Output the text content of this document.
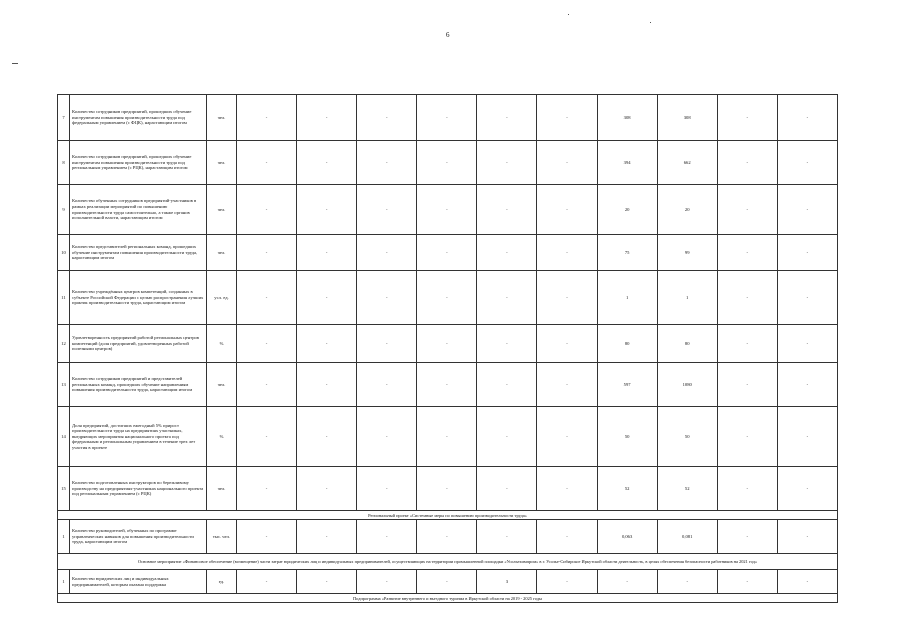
6
7	Количество сотрудников предприятий, прошедших обучение инструментам повышения производительности труда под федеральным управлением (с ФЦК), нарастающим итогом	чел.	-	-	-	-	-	-	308	308	-	-
8	Количество сотрудников предприятий, прошедших обучение инструментам повышения производительности труда под региональным управлением (с РЦК), нарастающим итогом	чел.	-	-	-	-	-	-	394	662	-	-
9	Количество обученных сотрудников предприятий-участников в рамках реализации мероприятий по повышению производительности труда самостоятельно, а также органов исполнительной власти, нарастающим итогом	чел.	-	-	-	-	-	-	20	20	-	-
10	Количество представителей региональных команд, прошедших обучение инструментам повышения производительности труда, нарастающим итогом	чел.	-	-	-	-	-	-	75	99	-	-
11	Количество учреждённых центров компетенций, созданных в субъекте Российской Федерации с целью распространения лучших практик производительности труда, нарастающим итогом	усл. ед.	-	-	-	-	-	-	1	1	-	-
12	Удовлетворенность предприятий работой региональных центров компетенций (доля предприятий, удовлетворенных работой полезными центров)	%	-	-	-	-	-	-	80	80	-	-
13	Количество сотрудников предприятий и представителей региональных команд, прошедших обучение направлениям повышения производительности труда, нарастающим итогом	чел.	-	-	-	-	-	-	597	1080	-	-
14	Доля предприятий, достигших ежегодный 5% прирост производительности труда на предприятиях участниках, внедряющих мероприятия национального проекта под федеральным и региональным управлением в течение трех лет участия в проекте	%	-	-	-	-	-	-	50	50	-	-
15	Количество подготовленных инструкторов по бережливому производству на предприятиях-участниках национального проекта под региональным управлением (с РЦК)	чел.	-	-	-	-	-	-	52	52	-	-
Региональный проект «Системные меры по повышению производительности труда»												
1	Количество руководителей, обученных по программе управленческих навыков для повышения производительности труда, нарастающим итогом	тыс. чел.	-	-	-	-	-	-	0,063	0,081	-	-
Основное мероприятие «Финансовое обеспечение (возмещение) части затрат юридических лиц и индивидуальных предпринимателей, осуществляющих на территории промышленной площадки «Усольехимпром» в г. Усолье-Сибирское Иркутской области деятельность, в целях обеспечения безопасности работников на 2021 год»												
1	Количество юридических лиц и индивидуальных предпринимателей, которым оказана поддержка	ед.	-	-	-	-	3	-	-	-	-	-
Подпрограмма «Развитие внутреннего и въездного туризма в Иркутской области на 2019 - 2025 годы												
